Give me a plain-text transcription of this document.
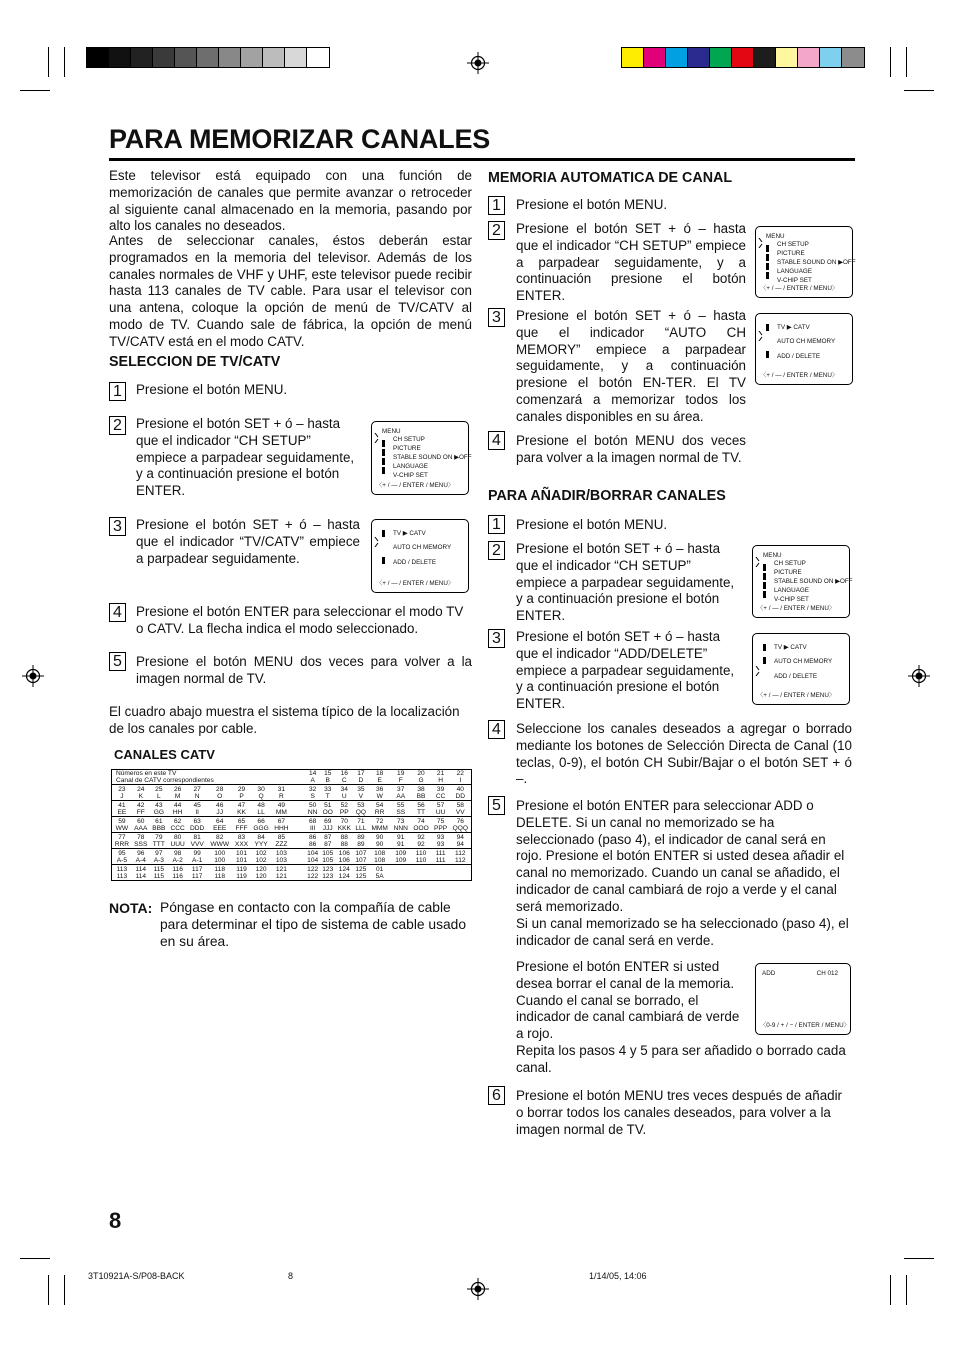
PARA MEMORIZAR CANALES
Este televisor está equipado con una función de memorización de canales que permite avanzar o retroceder al siguiente canal almacenado en la memoria, pasando por alto los canales no deseados.
Antes de seleccionar canales, éstos deberán estar programados en la memoria del televisor. Además de los canales normales de VHF y UHF, este televisor puede recibir hasta 113 canales de TV cable. Para usar el televisor con una antena, coloque la opción de menú de TV/CATV al modo de TV. Cuando sale de fábrica, la opción de menú TV/CATV está en el modo CATV.
SELECCION DE TV/CATV
1	Presione el botón MENU.
2	Presione el botón SET + ó – hasta que el indicador “CH SETUP” empiece a parpadear seguidamente, y a continuación presione el botón ENTER.
3	Presione el botón SET + ó – hasta que el indicador “TV/CATV” empiece a parpadear seguidamente.
4	Presione el botón ENTER para seleccionar el modo TV o CATV. La flecha indica el modo seleccionado.
5	Presione el botón MENU dos veces para volver a la imagen normal de TV.
El cuadro abajo muestra el sistema típico de la localización de los canales por cable.
CANALES CATV
MENU
CH SETUP
PICTURE
STABLE SOUND ON ▶OFF
LANGUAGE
V-CHIP SET
〈+ / — / ENTER / MENU〉
TV ▶ CATV
AUTO CH MEMORY
ADD / DELETE
〈+ / — / ENTER / MENU〉
Números en este TV										14	15	16	17	18	19	20	21	22
Canal de CATV correspondientes										A	B	C	D	E	F	G	H	I
23	24	25	26	27	28	29	30	31		32	33	34	35	36	37	38	39	40
J	K	L	M	N	O	P	Q	R		S	T	U	V	W	AA	BB	CC	DD
41	42	43	44	45	46	47	48	49		50	51	52	53	54	55	56	57	58
EE	FF	GG	HH	II	JJ	KK	LL	MM		NN	OO	PP	QQ	RR	SS	TT	UU	VV
59	60	61	62	63	64	65	66	67		68	69	70	71	72	73	74	75	76
WW	AAA	BBB	CCC	DDD	EEE	FFF	GGG	HHH		III	JJJ	KKK	LLL	MMM	NNN	OOO	PPP	QQQ
77	78	79	80	81	82	83	84	85		86	87	88	89	90	91	92	93	94
RRR	SSS	TTT	UUU	VVV	WWW	XXX	YYY	ZZZ		86	87	88	89	90	91	92	93	94
95	96	97	98	99	100	101	102	103		104	105	106	107	108	109	110	111	112
A-5	A-4	A-3	A-2	A-1	100	101	102	103		104	105	106	107	108	109	110	111	112
113	114	115	116	117	118	119	120	121		122	123	124	125	01				
113	114	115	116	117	118	119	120	121		122	123	124	125	5A				
NOTA: Póngase en contacto con la compañía de cable para determinar el tipo de sistema de cable usado en su área.
MEMORIA AUTOMATICA DE CANAL
1	Presione el botón MENU.
2	Presione el botón SET + ó – hasta que el indicador “CH SETUP” empiece a parpadear seguidamente, y a continuación presione el botón ENTER.
3	Presione el botón SET + ó – hasta que el indicador “AUTO CH MEMORY” empiece a parpadear seguidamente, y a continuación presione el botón EN-TER. El TV comenzará a memorizar todos los canales disponibles en su área.
4	Presione el botón MENU dos veces para volver a la imagen normal de TV.
MENU
CH SETUP
PICTURE
STABLE SOUND ON ▶OFF
LANGUAGE
V-CHIP SET
〈+ / — / ENTER / MENU〉
TV ▶ CATV
AUTO CH MEMORY
ADD / DELETE
〈+ / — / ENTER / MENU〉
PARA AÑADIR/BORRAR CANALES
1	Presione el botón MENU.
2	Presione el botón SET + ó – hasta que el indicador “CH SETUP” empiece a parpadear seguidamente, y a continuación presione el botón ENTER.
3	Presione el botón SET + ó – hasta que el indicador “ADD/DELETE” empiece a parpadear seguidamente, y a continuación presione el botón ENTER.
4	Seleccione los canales deseados a agregar o borrado mediante los botones de Selección Directa de Canal (10 teclas, 0-9), el botón CH Subir/Bajar o el botón SET + ó –.
5	Presione el botón ENTER para seleccionar ADD o DELETE. Si un canal no memorizado se ha seleccionado (paso 4), el indicador de canal será en rojo. Presione el botón ENTER si usted desea añadir el canal no memorizado. Cuando un canal se añadido, el indicador de canal cambiará de rojo a verde y el canal será memorizado.
Si un canal memorizado se ha seleccionado (paso 4), el indicador de canal será en verde.
Presione el botón ENTER si usted desea borrar el canal de la memoria. Cuando el canal se borrado, el indicador de canal cambiará de verde a rojo.
Repita los pasos 4 y 5 para ser añadido o borrado cada canal.
6	Presione el botón MENU tres veces después de añadir o borrar todos los canales deseados, para volver a la imagen normal de TV.
MENU
CH SETUP
PICTURE
STABLE SOUND ON ▶OFF
LANGUAGE
V-CHIP SET
〈+ / — / ENTER / MENU〉
TV ▶ CATV
AUTO CH MEMORY
ADD / DELETE
〈+ / — / ENTER / MENU〉
ADD	CH 012
〈0-9 / + / − / ENTER / MENU〉
8
3T10921A-S/P08-BACK	8	1/14/05, 14:06
